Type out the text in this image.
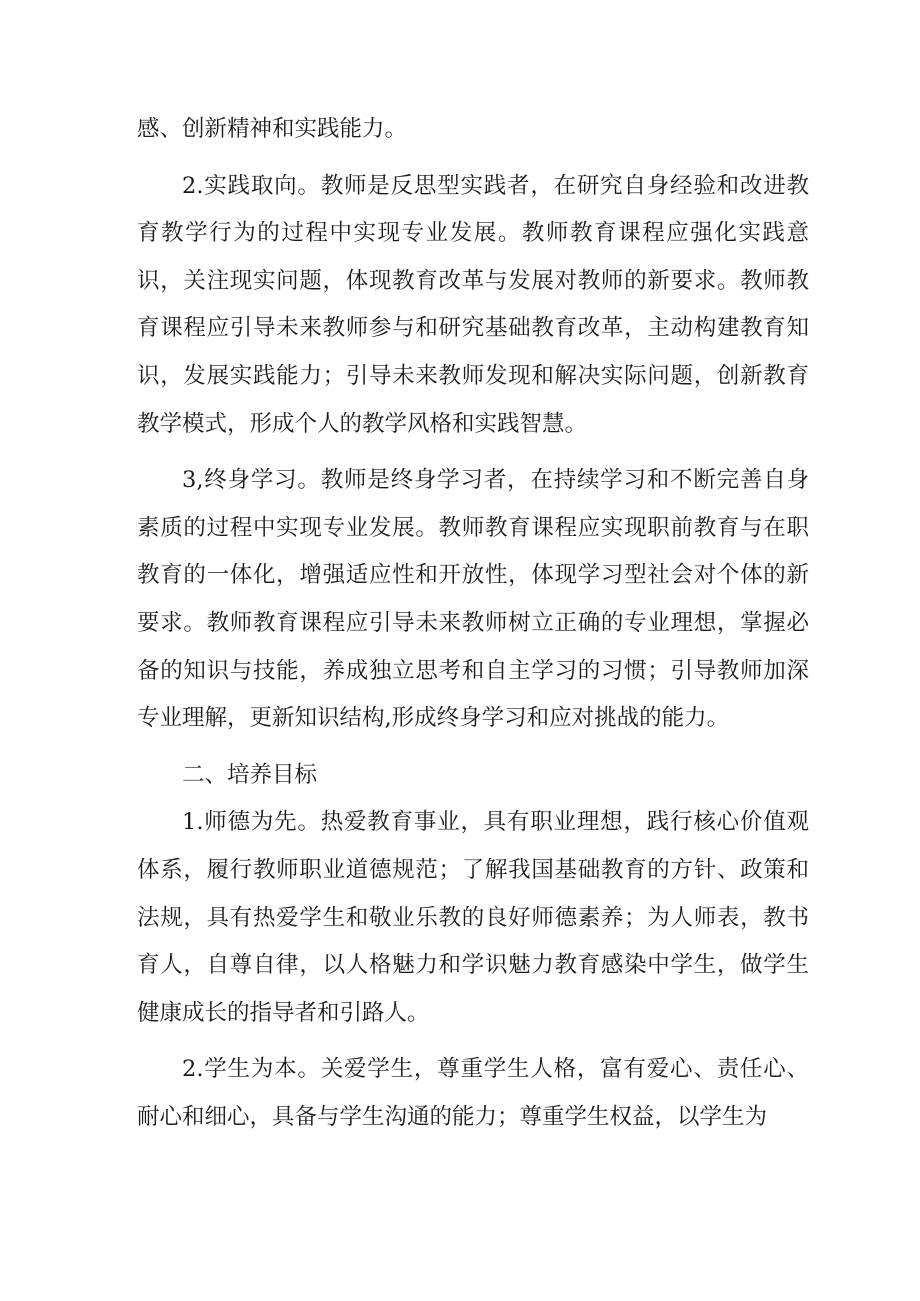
感、创新精神和实践能力。

2.实践取向。教师是反思型实践者，在研究自身经验和改进教育教学行为的过程中实现专业发展。教师教育课程应强化实践意识，关注现实问题，体现教育改革与发展对教师的新要求。教师教育课程应引导未来教师参与和研究基础教育改革，主动构建教育知识，发展实践能力；引导未来教师发现和解决实际问题，创新教育教学模式，形成个人的教学风格和实践智慧。

3,终身学习。教师是终身学习者，在持续学习和不断完善自身素质的过程中实现专业发展。教师教育课程应实现职前教育与在职教育的一体化，增强适应性和开放性，体现学习型社会对个体的新要求。教师教育课程应引导未来教师树立正确的专业理想，掌握必备的知识与技能，养成独立思考和自主学习的习惯；引导教师加深专业理解，更新知识结构,形成终身学习和应对挑战的能力。

二、培养目标

1.师德为先。热爱教育事业，具有职业理想，践行核心价值观体系，履行教师职业道德规范；了解我国基础教育的方针、政策和法规，具有热爱学生和敬业乐教的良好师德素养；为人师表，教书育人，自尊自律，以人格魅力和学识魅力教育感染中学生，做学生健康成长的指导者和引路人。

2.学生为本。关爱学生，尊重学生人格，富有爱心、责任心、耐心和细心，具备与学生沟通的能力；尊重学生权益，以学生为
